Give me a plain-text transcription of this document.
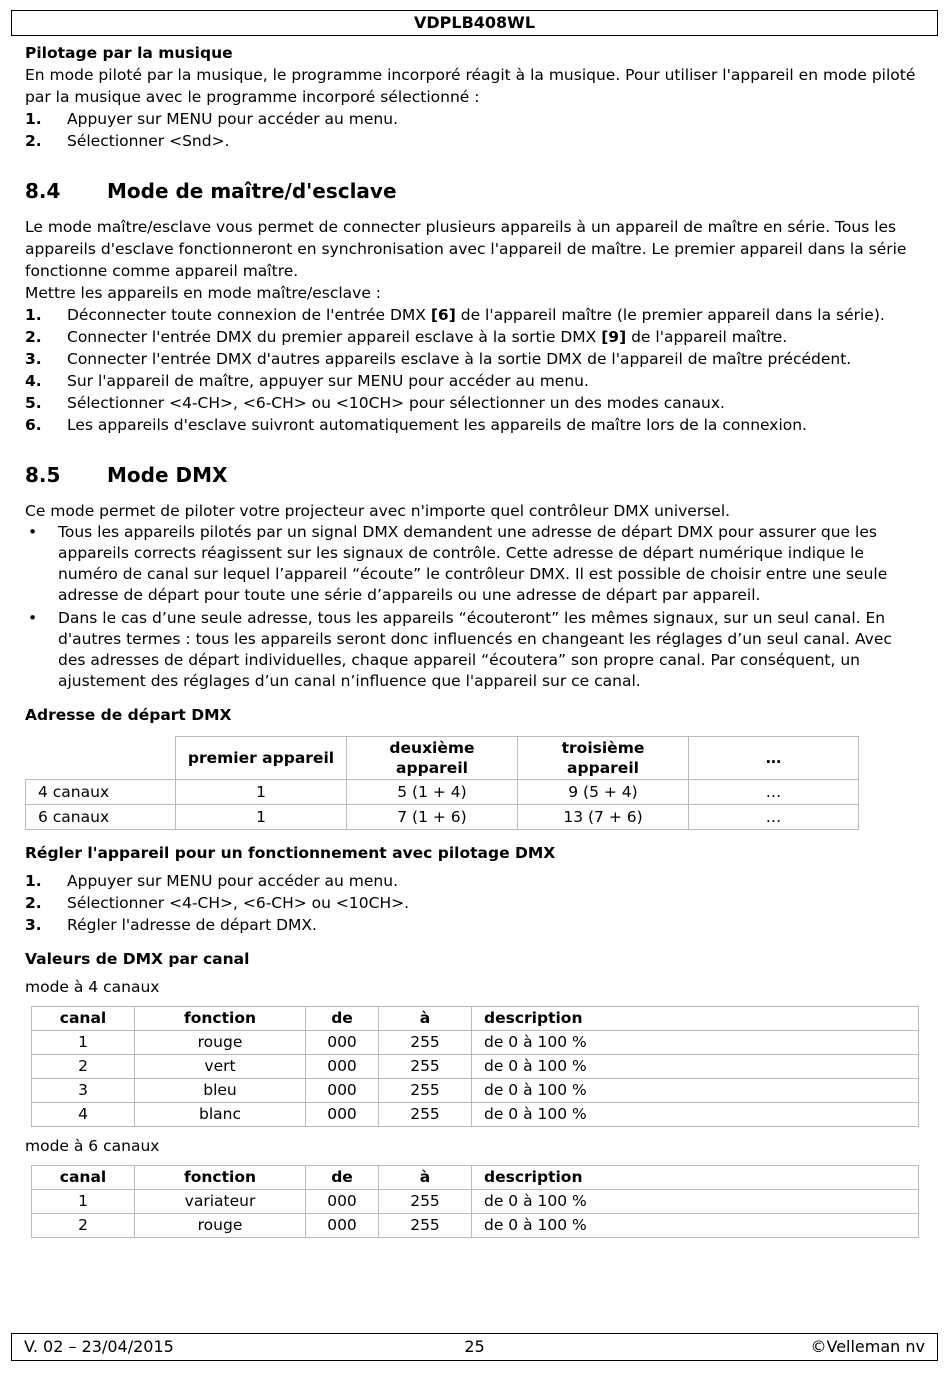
VDPLB408WL
Pilotage par la musique
En mode piloté par la musique, le programme incorporé réagit à la musique. Pour utiliser l'appareil en mode piloté par la musique avec le programme incorporé sélectionné :
1.	Appuyer sur MENU pour accéder au menu.
2.	Sélectionner <Snd>.
8.4 Mode de maître/d'esclave
Le mode maître/esclave vous permet de connecter plusieurs appareils à un appareil de maître en série. Tous les appareils d'esclave fonctionneront en synchronisation avec l'appareil de maître. Le premier appareil dans la série fonctionne comme appareil maître.
Mettre les appareils en mode maître/esclave :
1.	Déconnecter toute connexion de l'entrée DMX [6] de l'appareil maître (le premier appareil dans la série).
2.	Connecter l'entrée DMX du premier appareil esclave à la sortie DMX [9] de l'appareil maître.
3.	Connecter l'entrée DMX d'autres appareils esclave à la sortie DMX de l'appareil de maître précédent.
4.	Sur l'appareil de maître, appuyer sur MENU pour accéder au menu.
5.	Sélectionner <4-CH>, <6-CH> ou <10CH> pour sélectionner un des modes canaux.
6.	Les appareils d'esclave suivront automatiquement les appareils de maître lors de la connexion.
8.5 Mode DMX
Ce mode permet de piloter votre projecteur avec n'importe quel contrôleur DMX universel.
•	Tous les appareils pilotés par un signal DMX demandent une adresse de départ DMX pour assurer que les appareils corrects réagissent sur les signaux de contrôle. Cette adresse de départ numérique indique le numéro de canal sur lequel l’appareil “écoute” le contrôleur DMX. Il est possible de choisir entre une seule adresse de départ pour toute une série d’appareils ou une adresse de départ par appareil.
•	Dans le cas d’une seule adresse, tous les appareils “écouteront” les mêmes signaux, sur un seul canal. En d'autres termes : tous les appareils seront donc influencés en changeant les réglages d’un seul canal. Avec des adresses de départ individuelles, chaque appareil “écoutera” son propre canal. Par conséquent, un ajustement des réglages d’un canal n’influence que l'appareil sur ce canal.
Adresse de départ DMX
	premier appareil	deuxième appareil	troisième appareil	…
4 canaux	1	5 (1 + 4)	9 (5 + 4)	…
6 canaux	1	7 (1 + 6)	13 (7 + 6)	…
Régler l'appareil pour un fonctionnement avec pilotage DMX
1.	Appuyer sur MENU pour accéder au menu.
2.	Sélectionner <4-CH>, <6-CH> ou <10CH>.
3.	Régler l'adresse de départ DMX.
Valeurs de DMX par canal
mode à 4 canaux
canal	fonction	de	à	description
1	rouge	000	255	de 0 à 100 %
2	vert	000	255	de 0 à 100 %
3	bleu	000	255	de 0 à 100 %
4	blanc	000	255	de 0 à 100 %
mode à 6 canaux
canal	fonction	de	à	description
1	variateur	000	255	de 0 à 100 %
2	rouge	000	255	de 0 à 100 %
V. 02 – 23/04/2015	25	©Velleman nv
